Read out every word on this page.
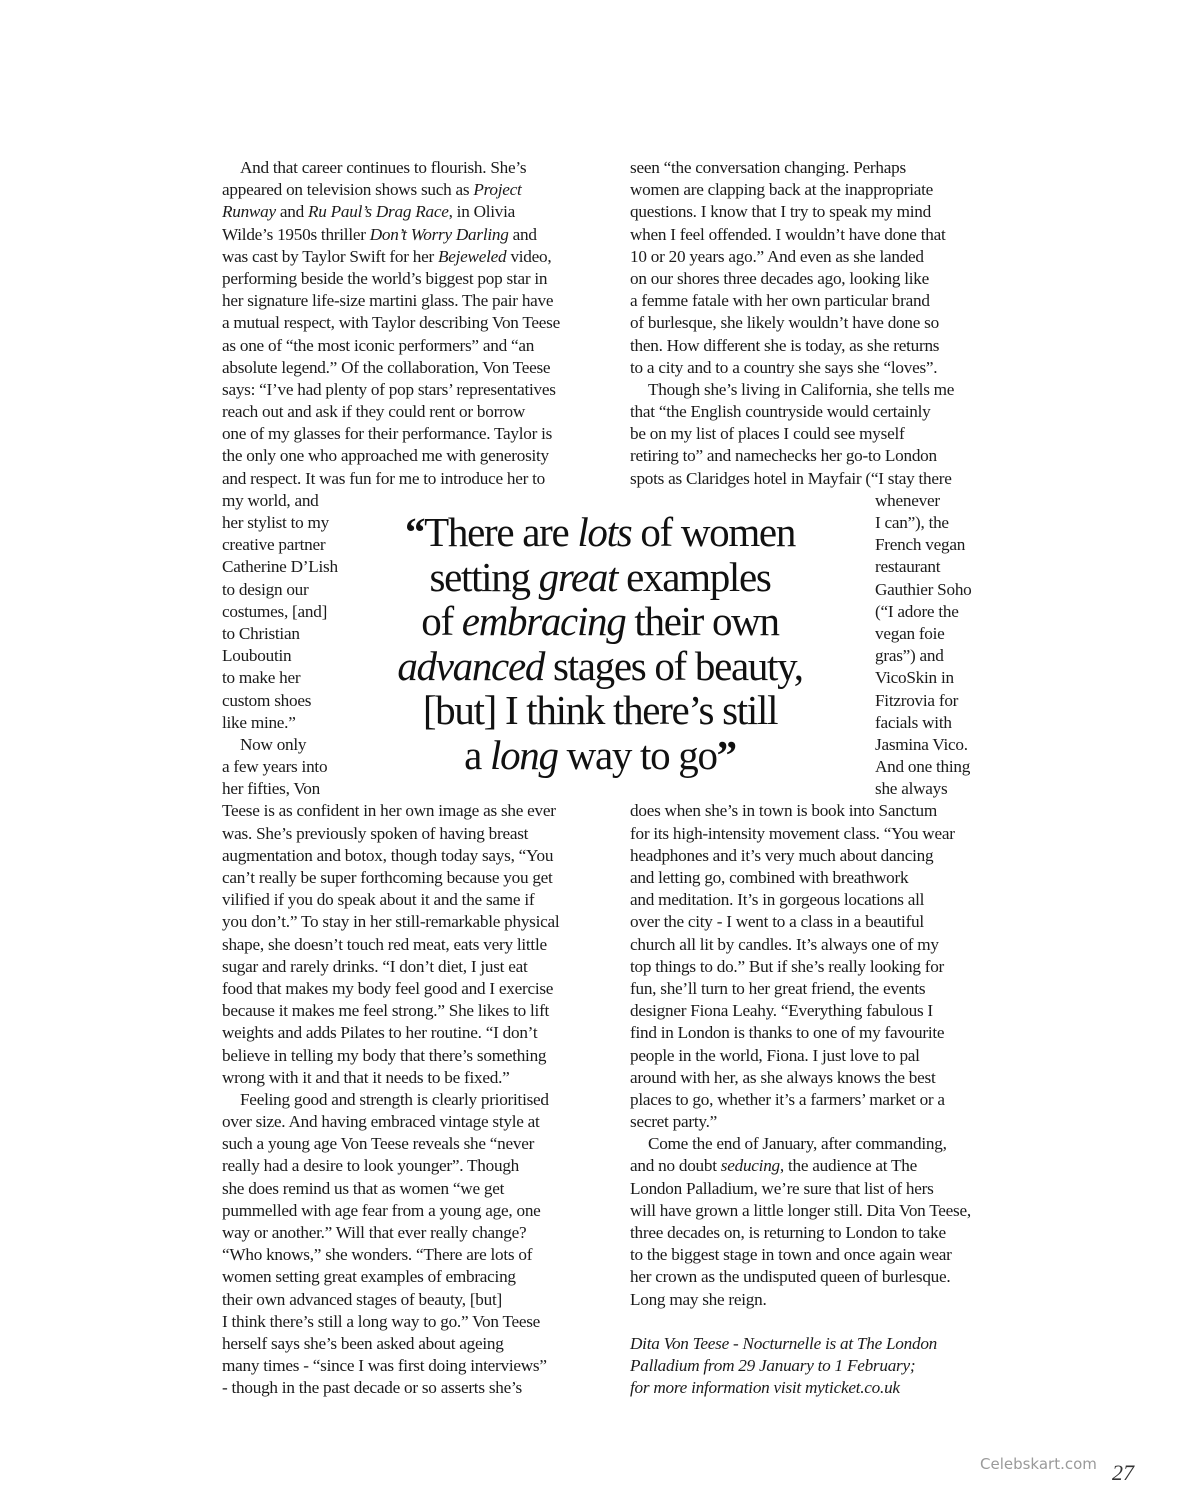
And that career continues to flourish. She’s
appeared on television shows such as Project
Runway and Ru Paul’s Drag Race, in Olivia
Wilde’s 1950s thriller Don’t Worry Darling and
was cast by Taylor Swift for her Bejeweled video,
performing beside the world’s biggest pop star in
her signature life-size martini glass. The pair have
a mutual respect, with Taylor describing Von Teese
as one of “the most iconic performers” and “an
absolute legend.” Of the collaboration, Von Teese
says: “I’ve had plenty of pop stars’ representatives
reach out and ask if they could rent or borrow
one of my glasses for their performance. Taylor is
the only one who approached me with generosity
and respect. It was fun for me to introduce her to
my world, and
her stylist to my
creative partner
Catherine D’Lish
to design our
costumes, [and]
to Christian
Louboutin
to make her
custom shoes
like mine.”
Now only
a few years into
her fifties, Von
Teese is as confident in her own image as she ever
was. She’s previously spoken of having breast
augmentation and botox, though today says, “You
can’t really be super forthcoming because you get
vilified if you do speak about it and the same if
you don’t.” To stay in her still-remarkable physical
shape, she doesn’t touch red meat, eats very little
sugar and rarely drinks. “I don’t diet, I just eat
food that makes my body feel good and I exercise
because it makes me feel strong.” She likes to lift
weights and adds Pilates to her routine. “I don’t
believe in telling my body that there’s something
wrong with it and that it needs to be fixed.”
Feeling good and strength is clearly prioritised
over size. And having embraced vintage style at
such a young age Von Teese reveals she “never
really had a desire to look younger”. Though
she does remind us that as women “we get
pummelled with age fear from a young age, one
way or another.” Will that ever really change?
“Who knows,” she wonders. “There are lots of
women setting great examples of embracing
their own advanced stages of beauty, [but]
I think there’s still a long way to go.” Von Teese
herself says she’s been asked about ageing
many times - “since I was first doing interviews”
- though in the past decade or so asserts she’s
seen “the conversation changing. Perhaps
women are clapping back at the inappropriate
questions. I know that I try to speak my mind
when I feel offended. I wouldn’t have done that
10 or 20 years ago.” And even as she landed
on our shores three decades ago, looking like
a femme fatale with her own particular brand
of burlesque, she likely wouldn’t have done so
then. How different she is today, as she returns
to a city and to a country she says she “loves”.
Though she’s living in California, she tells me
that “the English countryside would certainly
be on my list of places I could see myself
retiring to” and namechecks her go-to London
spots as Claridges hotel in Mayfair (“I stay there
whenever
I can”), the
French vegan
restaurant
Gauthier Soho
(“I adore the
vegan foie
gras”) and
VicoSkin in
Fitzrovia for
facials with
Jasmina Vico.
And one thing
she always
does when she’s in town is book into Sanctum
for its high-intensity movement class. “You wear
headphones and it’s very much about dancing
and letting go, combined with breathwork
and meditation. It’s in gorgeous locations all
over the city - I went to a class in a beautiful
church all lit by candles. It’s always one of my
top things to do.” But if she’s really looking for
fun, she’ll turn to her great friend, the events
designer Fiona Leahy. “Everything fabulous I
find in London is thanks to one of my favourite
people in the world, Fiona. I just love to pal
around with her, as she always knows the best
places to go, whether it’s a farmers’ market or a
secret party.”
Come the end of January, after commanding,
and no doubt seducing, the audience at The
London Palladium, we’re sure that list of hers
will have grown a little longer still. Dita Von Teese,
three decades on, is returning to London to take
to the biggest stage in town and once again wear
her crown as the undisputed queen of burlesque.
Long may she reign.
Dita Von Teese - Nocturnelle is at The London
Palladium from 29 January to 1 February;
for more information visit myticket.co.uk
“There are lots of women
setting great examples
of embracing their own
advanced stages of beauty,
[but] I think there’s still
a long way to go”
Celebskart.com 27
